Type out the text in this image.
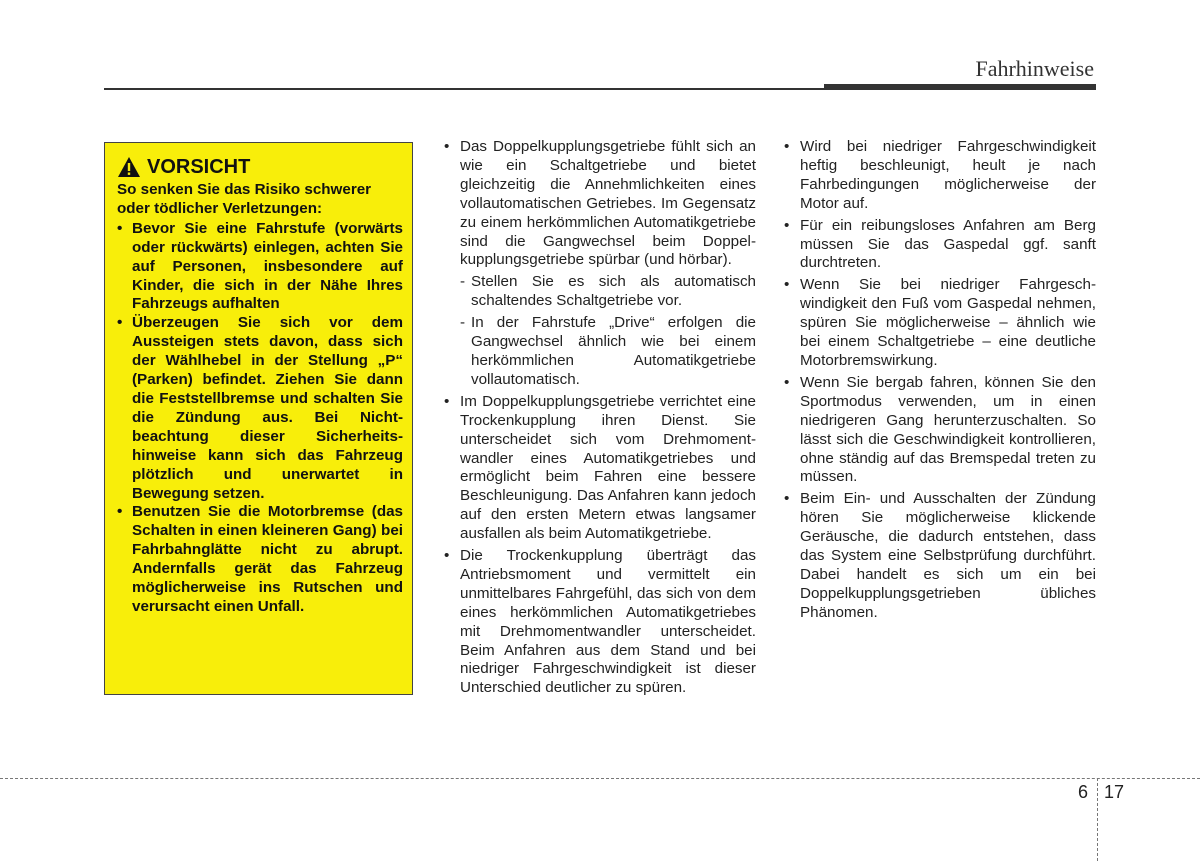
Fahrhinweise
VORSICHT
So senken Sie das Risiko schwerer oder tödlicher Verletzungen:
• Bevor Sie eine Fahrstufe (vorwärts oder rückwärts) einlegen, achten Sie auf Personen, insbesondere auf Kinder, die sich in der Nähe Ihres Fahrzeugs aufhalten
• Überzeugen Sie sich vor dem Aussteigen stets davon, dass sich der Wählhebel in der Stellung „P“ (Parken) befindet. Ziehen Sie dann die Feststellbremse und schalten Sie die Zündung aus. Bei Nichtbeachtung dieser Sicherheitshinweise kann sich das Fahrzeug plötzlich und unerwartet in Bewegung setzen.
• Benutzen Sie die Motorbremse (das Schalten in einen kleineren Gang) bei Fahrbahnglätte nicht zu abrupt. Andernfalls gerät das Fahrzeug möglicherweise ins Rutschen und verursacht einen Unfall.
• Das Doppelkupplungsgetriebe fühlt sich an wie ein Schaltgetriebe und bietet gleichzeitig die Annehmlichkeiten eines vollautomatischen Getriebes. Im Gegensatz zu einem herkömmlichen Automatikgetriebe sind die Gangwechsel beim Doppelkupplungsgetriebe spürbar (und hörbar).
- Stellen Sie es sich als automatisch schaltendes Schaltgetriebe vor.
- In der Fahrstufe „Drive“ erfolgen die Gangwechsel ähnlich wie bei einem herkömmlichen Automatikgetriebe vollautomatisch.
• Im Doppelkupplungsgetriebe verrichtet eine Trockenkupplung ihren Dienst. Sie unterscheidet sich vom Drehmomentwandler eines Automatikgetriebes und ermöglicht beim Fahren eine bessere Beschleunigung. Das Anfahren kann jedoch auf den ersten Metern etwas langsamer ausfallen als beim Automatikgetriebe.
• Die Trockenkupplung überträgt das Antriebsmoment und vermittelt ein unmittelbares Fahrgefühl, das sich von dem eines herkömmlichen Automatikgetriebes mit Drehmomentwandler unterscheidet. Beim Anfahren aus dem Stand und bei niedriger Fahrgeschwindigkeit ist dieser Unterschied deutlicher zu spüren.
• Wird bei niedriger Fahrgeschwindigkeit heftig beschleunigt, heult je nach Fahrbedingungen möglicherweise der Motor auf.
• Für ein reibungsloses Anfahren am Berg müssen Sie das Gaspedal ggf. sanft durchtreten.
• Wenn Sie bei niedriger Fahrgeschwindigkeit den Fuß vom Gaspedal nehmen, spüren Sie möglicherweise – ähnlich wie bei einem Schaltgetriebe – eine deutliche Motorbremswirkung.
• Wenn Sie bergab fahren, können Sie den Sportmodus verwenden, um in einen niedrigeren Gang herunterzuschalten. So lässt sich die Geschwindigkeit kontrollieren, ohne ständig auf das Bremspedal treten zu müssen.
• Beim Ein- und Ausschalten der Zündung hören Sie möglicherweise klickende Geräusche, die dadurch entstehen, dass das System eine Selbstprüfung durchführt. Dabei handelt es sich um ein bei Doppelkupplungsgetrieben übliches Phänomen.
6 17
